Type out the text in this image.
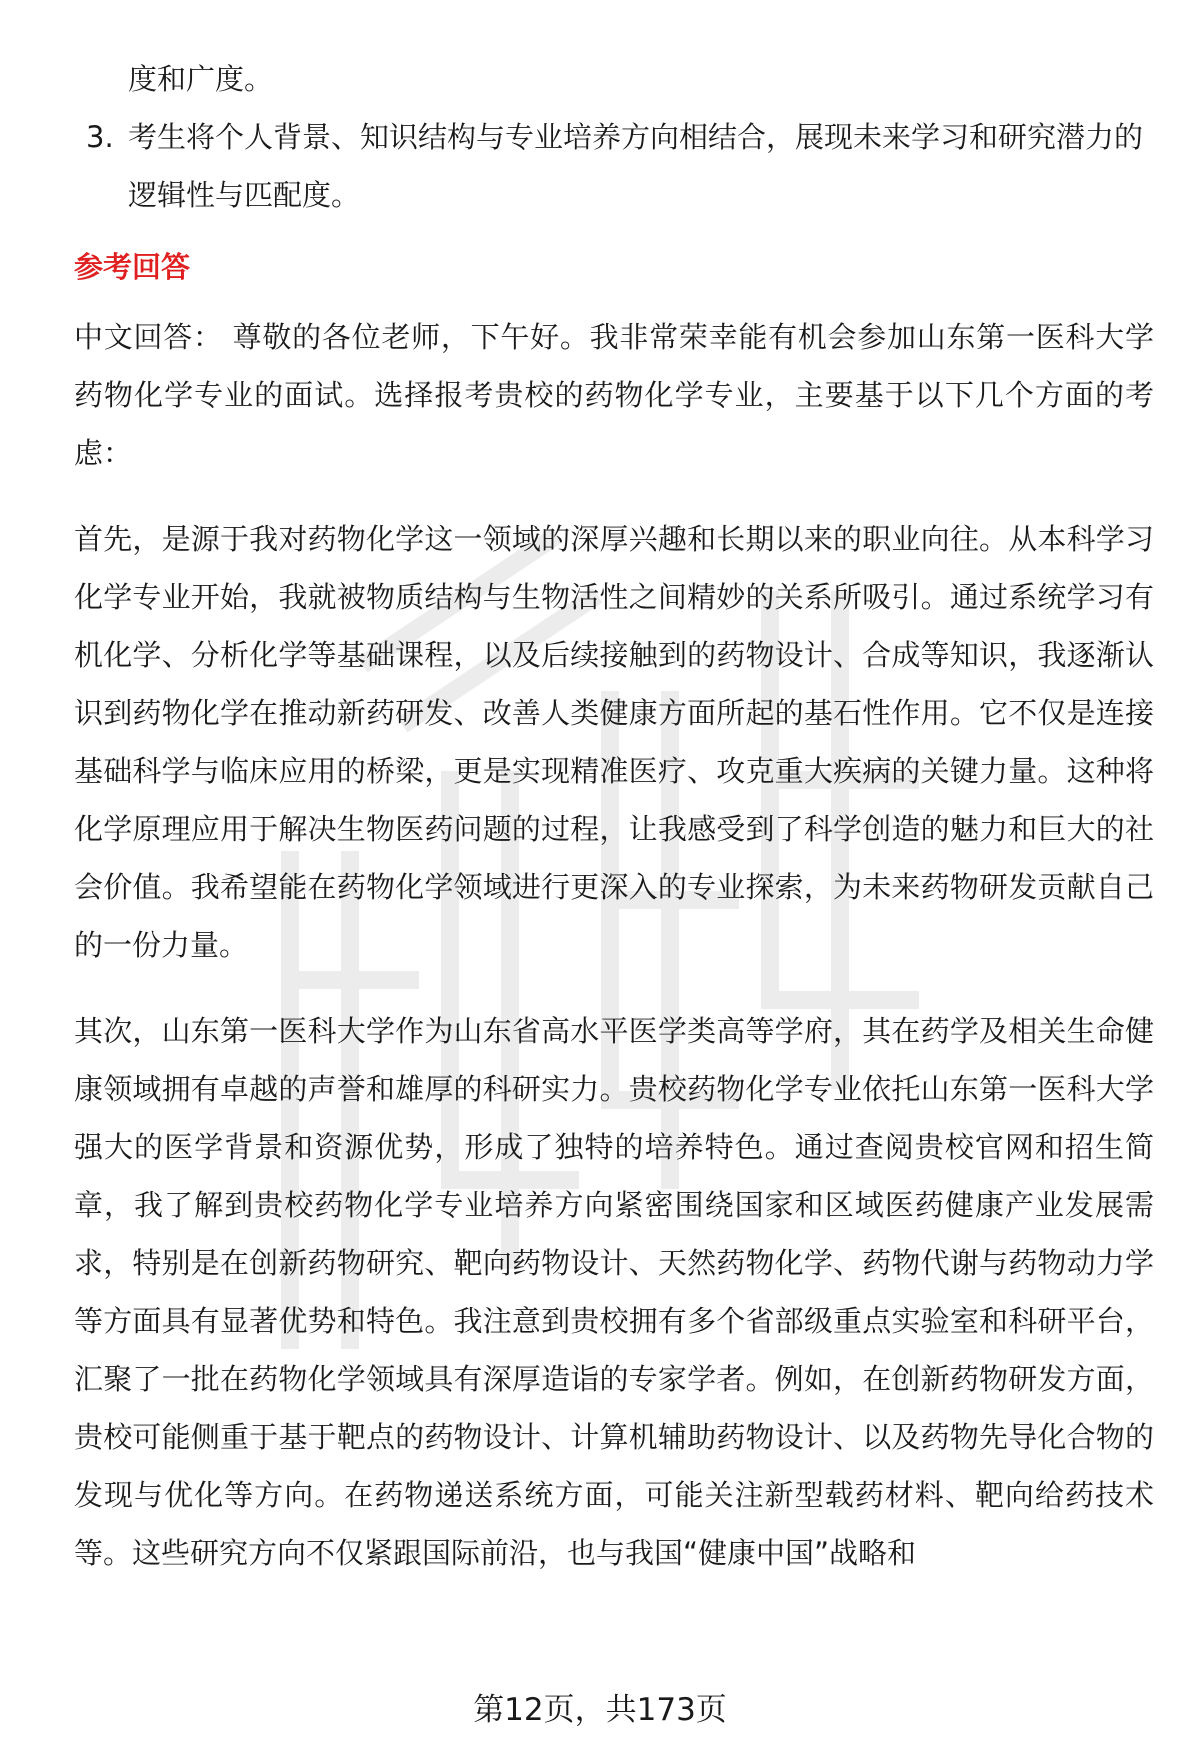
度和广度。

3. 考生将个人背景、知识结构与专业培养方向相结合，展现未来学习和研究潜力的逻辑性与匹配度。
参考回答

中文回答： 尊敬的各位老师，下午好。我非常荣幸能有机会参加山东第一医科大学药物化学专业的面试。选择报考贵校的药物化学专业，主要基于以下几个方面的考虑：

首先，是源于我对药物化学这一领域的深厚兴趣和长期以来的职业向往。从本科学习化学专业开始，我就被物质结构与生物活性之间精妙的关系所吸引。通过系统学习有机化学、分析化学等基础课程，以及后续接触到的药物设计、合成等知识，我逐渐认识到药物化学在推动新药研发、改善人类健康方面所起的基石性作用。它不仅是连接基础科学与临床应用的桥梁，更是实现精准医疗、攻克重大疾病的关键力量。这种将化学原理应用于解决生物医药问题的过程，让我感受到了科学创造的魅力和巨大的社会价值。我希望能在药物化学领域进行更深入的专业探索，为未来药物研发贡献自己的一份力量。

其次，山东第一医科大学作为山东省高水平医学类高等学府，其在药学及相关生命健康领域拥有卓越的声誉和雄厚的科研实力。贵校药物化学专业依托山东第一医科大学强大的医学背景和资源优势，形成了独特的培养特色。通过查阅贵校官网和招生简章，我了解到贵校药物化学专业培养方向紧密围绕国家和区域医药健康产业发展需求，特别是在创新药物研究、靶向药物设计、天然药物化学、药物代谢与药物动力学等方面具有显著优势和特色。我注意到贵校拥有多个省部级重点实验室和科研平台，汇聚了一批在药物化学领域具有深厚造诣的专家学者。例如，在创新药物研发方面，贵校可能侧重于基于靶点的药物设计、计算机辅助药物设计、以及药物先导化合物的发现与优化等方向。在药物递送系统方面，可能关注新型载药材料、靶向给药技术等。这些研究方向不仅紧跟国际前沿，也与我国“健康中国”战略和

第12页，共173页
